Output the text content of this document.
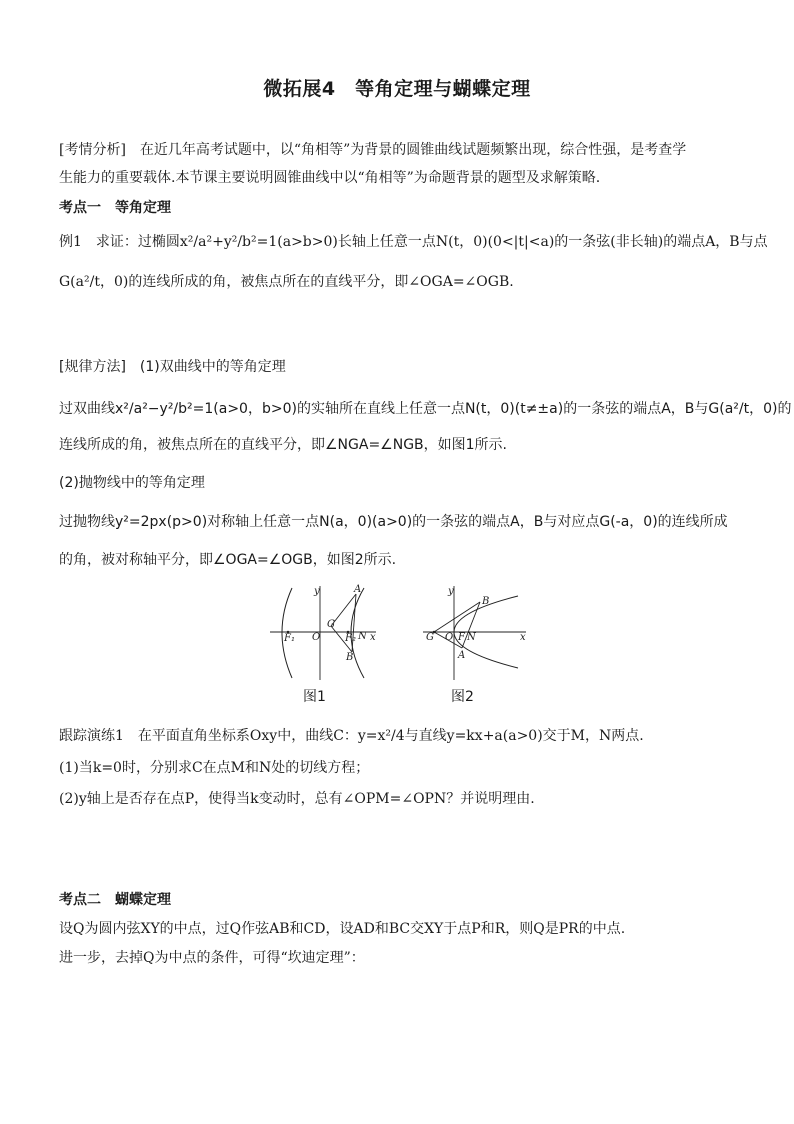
微拓展4　等角定理与蝴蝶定理
[考情分析]　在近几年高考试题中，以“角相等”为背景的圆锥曲线试题频繁出现，综合性强，是考查学
生能力的重要载体.本节课主要说明圆锥曲线中以“角相等”为命题背景的题型及求解策略.
考点一　等角定理
例1　求证：过椭圆x²/a²+y²/b²=1(a>b>0)长轴上任意一点N(t，0)(0<|t|<a)的一条弦(非长轴)的端点A，B与点
G(a²/t，0)的连线所成的角，被焦点所在的直线平分，即∠OGA=∠OGB.
[规律方法]　(1)双曲线中的等角定理
过双曲线x²/a²−y²/b²=1(a>0，b>0)的实轴所在直线上任意一点N(t，0)(t≠±a)的一条弦的端点A，B与G(a²/t，0)的
连线所成的角，被焦点所在的直线平分，即∠NGA=∠NGB，如图1所示.
(2)抛物线中的等角定理
过抛物线y²=2px(p>0)对称轴上任意一点N(a，0)(a>0)的一条弦的端点A，B与对应点G(-a，0)的连线所成
的角，被对称轴平分，即∠OGA=∠OGB，如图2所示.
y
x
A
B
G
N
O
F₁	F₂
y
x
B
A
G O F N
图1	图2
跟踪演练1　在平面直角坐标系Oxy中，曲线C：y=x²/4与直线y=kx+a(a>0)交于M，N两点.
(1)当k=0时，分别求C在点M和N处的切线方程；
(2)y轴上是否存在点P，使得当k变动时，总有∠OPM=∠OPN？并说明理由.
考点二　蝴蝶定理
设Q为圆内弦XY的中点，过Q作弦AB和CD，设AD和BC交XY于点P和R，则Q是PR的中点.
进一步，去掉Q为中点的条件，可得“坎迪定理”：
